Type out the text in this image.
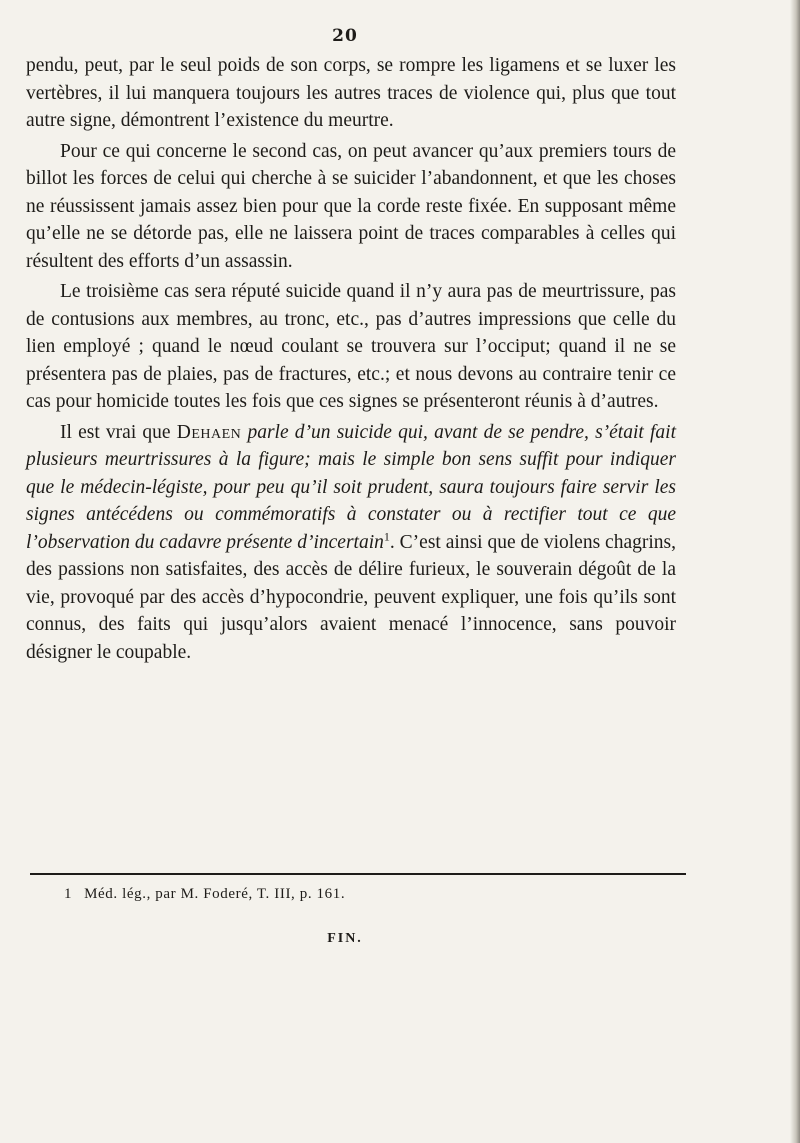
20

pendu, peut, par le seul poids de son corps, se rompre les ligamens et se luxer les vertèbres, il lui manquera toujours les autres traces de violence qui, plus que tout autre signe, démontrent l’existence du meurtre.

Pour ce qui concerne le second cas, on peut avancer qu’aux premiers tours de billot les forces de celui qui cherche à se suicider l’abandonnent, et que les choses ne réussissent jamais assez bien pour que la corde reste fixée. En supposant même qu’elle ne se détorde pas, elle ne laissera point de traces comparables à celles qui résultent des efforts d’un assassin.

Le troisième cas sera réputé suicide quand il n’y aura pas de meurtrissure, pas de contusions aux membres, au tronc, etc., pas d’autres impressions que celle du lien employé ; quand le nœud coulant se trouvera sur l’occiput; quand il ne se présentera pas de plaies, pas de fractures, etc.; et nous devons au contraire tenir ce cas pour homicide toutes les fois que ces signes se présenteront réunis à d’autres.

Il est vrai que Dehaen parle d’un suicide qui, avant de se pendre, s’était fait plusieurs meurtrissures à la figure; mais le simple bon sens suffit pour indiquer que le médecin-légiste, pour peu qu’il soit prudent, saura toujours faire servir les signes antécédens ou commémoratifs à constater ou à rectifier tout ce que l’observation du cadavre présente d’incertain$^1$. C’est ainsi que de violens chagrins, des passions non satisfaites, des accès de délire furieux, le souverain dégoût de la vie, provoqué par des accès d’hypocondrie, peuvent expliquer, une fois qu’ils sont connus, des faits qui jusqu’alors avaient menacé l’innocence, sans pouvoir désigner le coupable.

1 Méd. lég., par M. Foderé, T. III, p. 161.
FIN.
